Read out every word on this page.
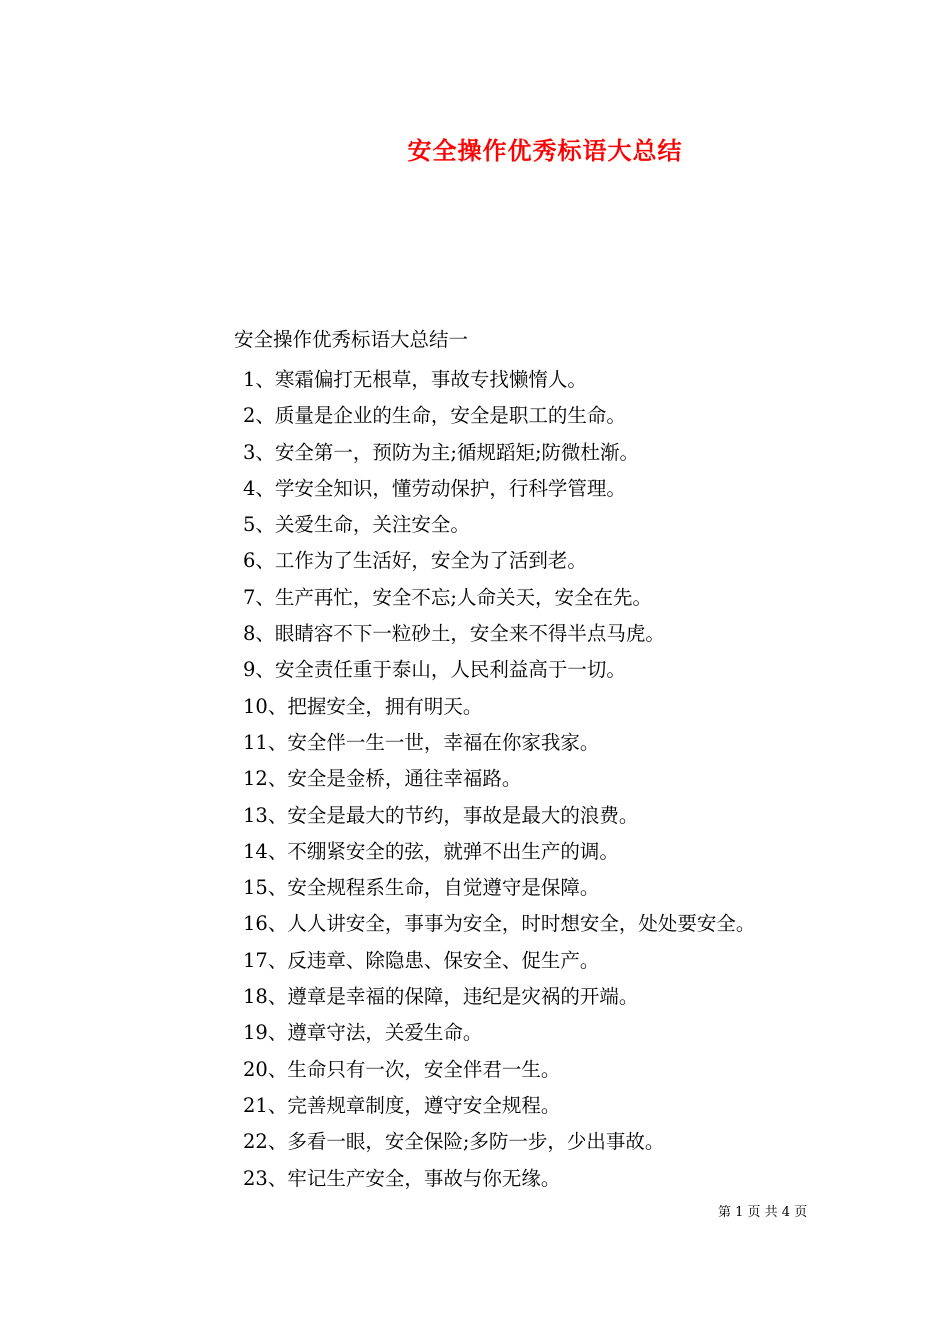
安全操作优秀标语大总结
安全操作优秀标语大总结一
1、寒霜偏打无根草，事故专找懒惰人。
2、质量是企业的生命，安全是职工的生命。
3、安全第一，预防为主;循规蹈矩;防微杜渐。
4、学安全知识，懂劳动保护，行科学管理。
5、关爱生命，关注安全。
6、工作为了生活好，安全为了活到老。
7、生产再忙，安全不忘;人命关天，安全在先。
8、眼睛容不下一粒砂土，安全来不得半点马虎。
9、安全责任重于泰山，人民利益高于一切。
10、把握安全，拥有明天。
11、安全伴一生一世，幸福在你家我家。
12、安全是金桥，通往幸福路。
13、安全是最大的节约，事故是最大的浪费。
14、不绷紧安全的弦，就弹不出生产的调。
15、安全规程系生命，自觉遵守是保障。
16、人人讲安全，事事为安全，时时想安全，处处要安全。
17、反违章、除隐患、保安全、促生产。
18、遵章是幸福的保障，违纪是灾祸的开端。
19、遵章守法，关爱生命。
20、生命只有一次，安全伴君一生。
21、完善规章制度，遵守安全规程。
22、多看一眼，安全保险;多防一步，少出事故。
23、牢记生产安全，事故与你无缘。
第 1 页 共 4 页
